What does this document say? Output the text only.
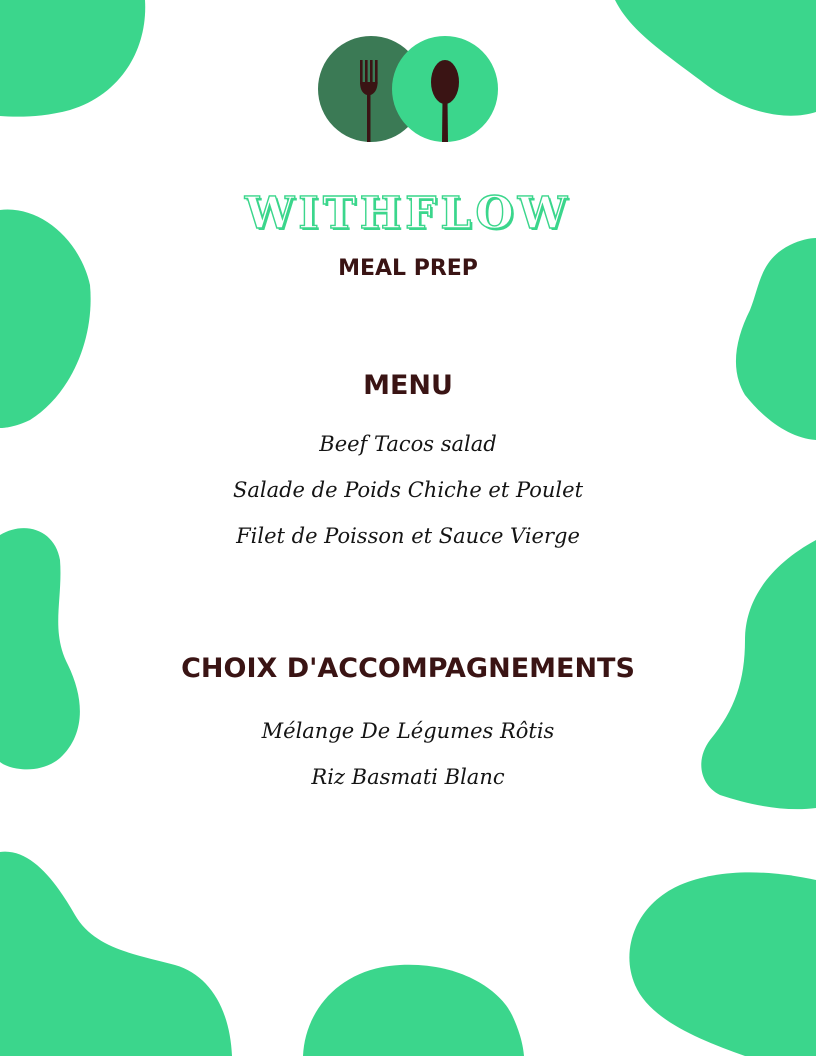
WITHFLOW
MEAL PREP
MENU
Beef Tacos salad
Salade de Poids Chiche et Poulet
Filet de Poisson et Sauce Vierge
CHOIX D'ACCOMPAGNEMENTS
Mélange De Légumes Rôtis
Riz Basmati Blanc
